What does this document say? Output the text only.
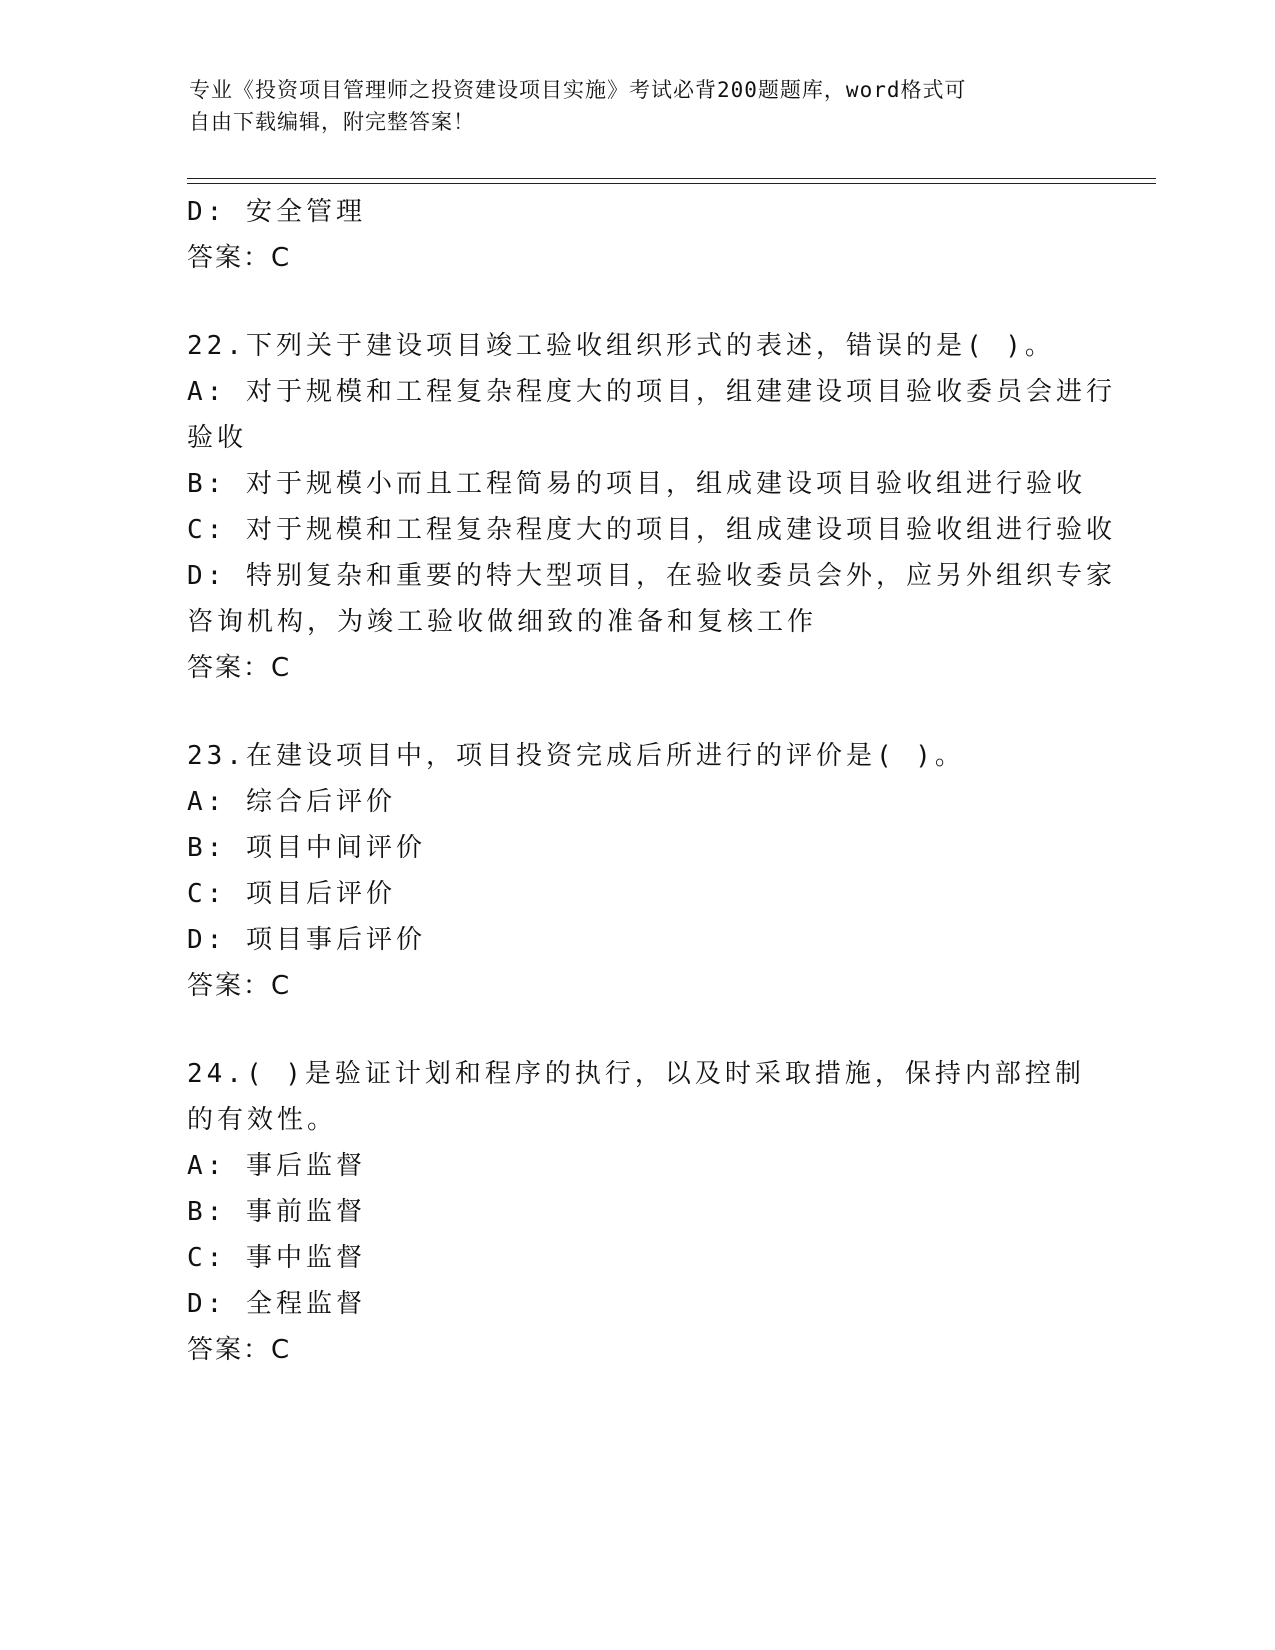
专业《投资项目管理师之投资建设项目实施》考试必背200题题库，word格式可
自由下载编辑，附完整答案！
D: 安全管理
答案：C
22.下列关于建设项目竣工验收组织形式的表述，错误的是( )。
A: 对于规模和工程复杂程度大的项目，组建建设项目验收委员会进行
验收
B: 对于规模小而且工程简易的项目，组成建设项目验收组进行验收
C: 对于规模和工程复杂程度大的项目，组成建设项目验收组进行验收
D: 特别复杂和重要的特大型项目，在验收委员会外，应另外组织专家
咨询机构，为竣工验收做细致的准备和复核工作
答案：C
23.在建设项目中，项目投资完成后所进行的评价是( )。
A: 综合后评价
B: 项目中间评价
C: 项目后评价
D: 项目事后评价
答案：C
24.( )是验证计划和程序的执行，以及时采取措施，保持内部控制
的有效性。
A: 事后监督
B: 事前监督
C: 事中监督
D: 全程监督
答案：C
